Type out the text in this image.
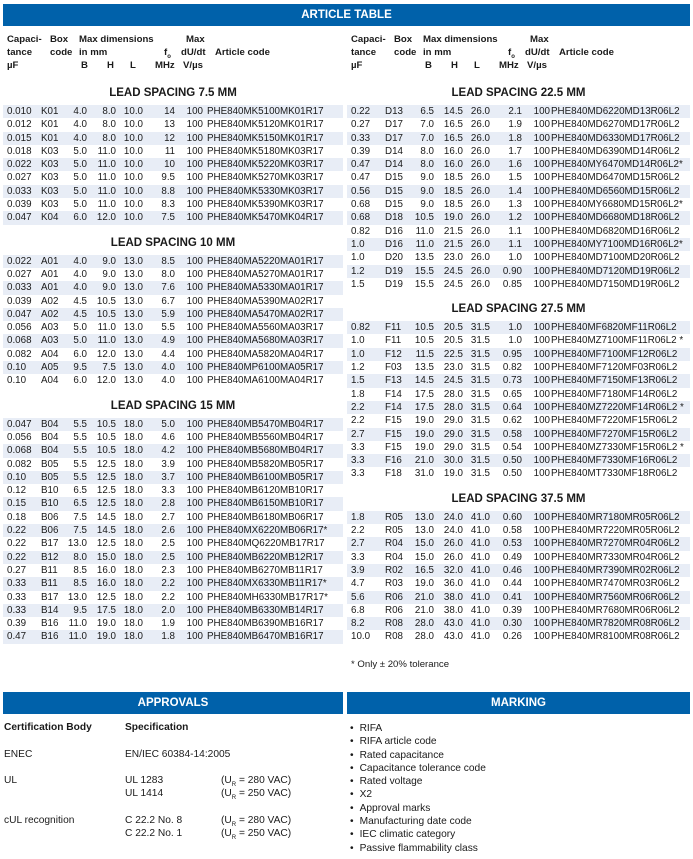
ARTICLE TABLE
Capaci-
tance
µF
Box
code
Max dimensions
in mm
B H L MHz
Max
dU/dt
V/µs
Article code
$f_o$
LEAD SPACING 7.5 MM
0.010 K01 4.0 8.0 10.0 14 100 PHE840MK5100MK01R17
0.012 K01 4.0 8.0 10.0 13 100 PHE840MK5120MK01R17
0.015 K01 4.0 8.0 10.0 12 100 PHE840MK5150MK01R17
0.018 K03 5.0 11.0 10.0 11 100 PHE840MK5180MK03R17
0.022 K03 5.0 11.0 10.0 10 100 PHE840MK5220MK03R17
0.027 K03 5.0 11.0 10.0 9.5 100 PHE840MK5270MK03R17
0.033 K03 5.0 11.0 10.0 8.8 100 PHE840MK5330MK03R17
0.039 K03 5.0 11.0 10.0 8.3 100 PHE840MK5390MK03R17
0.047 K04 6.0 12.0 10.0 7.5 100 PHE840MK5470MK04R17
LEAD SPACING 10 MM
0.022 A01 4.0 9.0 13.0 8.5 100 PHE840MA5220MA01R17
0.027 A01 4.0 9.0 13.0 8.0 100 PHE840MA5270MA01R17
0.033 A01 4.0 9.0 13.0 7.6 100 PHE840MA5330MA01R17
0.039 A02 4.5 10.5 13.0 6.7 100 PHE840MA5390MA02R17
0.047 A02 4.5 10.5 13.0 5.9 100 PHE840MA5470MA02R17
0.056 A03 5.0 11.0 13.0 5.5 100 PHE840MA5560MA03R17
0.068 A03 5.0 11.0 13.0 4.9 100 PHE840MA5680MA03R17
0.082 A04 6.0 12.0 13.0 4.4 100 PHE840MA5820MA04R17
0.10 A05 9.5 7.5 13.0 4.0 100 PHE840MP6100MA05R17
0.10 A04 6.0 12.0 13.0 4.0 100 PHE840MA6100MA04R17
LEAD SPACING 15 MM
0.047 B04 5.5 10.5 18.0 5.0 100 PHE840MB5470MB04R17
0.056 B04 5.5 10.5 18.0 4.6 100 PHE840MB5560MB04R17
0.068 B04 5.5 10.5 18.0 4.2 100 PHE840MB5680MB04R17
0.082 B05 5.5 12.5 18.0 3.9 100 PHE840MB5820MB05R17
0.10 B05 5.5 12.5 18.0 3.7 100 PHE840MB6100MB05R17
0.12 B10 6.5 12.5 18.0 3.3 100 PHE840MB6120MB10R17
0.15 B10 6.5 12.5 18.0 2.8 100 PHE840MB6150MB10R17
0.18 B06 7.5 14.5 18.0 2.7 100 PHE840MB6180MB06R17
0.22 B06 7.5 14.5 18.0 2.6 100 PHE840MX6220MB06R17*
0.22 B17 13.0 12.5 18.0 2.5 100 PHE840MQ6220MB17R17
0.22 B12 8.0 15.0 18.0 2.5 100 PHE840MB6220MB12R17
0.27 B11 8.5 16.0 18.0 2.3 100 PHE840MB6270MB11R17
0.33 B11 8.5 16.0 18.0 2.2 100 PHE840MX6330MB11R17*
0.33 B17 13.0 12.5 18.0 2.2 100 PHE840MH6330MB17R17*
0.33 B14 9.5 17.5 18.0 2.0 100 PHE840MB6330MB14R17
0.39 B16 11.0 19.0 18.0 1.9 100 PHE840MB6390MB16R17
0.47 B16 11.0 19.0 18.0 1.8 100 PHE840MB6470MB16R17
Capaci-
tance
µF
Box
code
Max dimensions
in mm
B H L MHz
Max
dU/dt
V/µs
Article code
$f_o$
LEAD SPACING 22.5 MM
0.22 D13 6.5 14.5 26.0 2.1 100 PHE840MD6220MD13R06L2
0.27 D17 7.0 16.5 26.0 1.9 100 PHE840MD6270MD17R06L2
0.33 D17 7.0 16.5 26.0 1.8 100 PHE840MD6330MD17R06L2
0.39 D14 8.0 16.0 26.0 1.7 100 PHE840MD6390MD14R06L2
0.47 D14 8.0 16.0 26.0 1.6 100 PHE840MY6470MD14R06L2*
0.47 D15 9.0 18.5 26.0 1.5 100 PHE840MD6470MD15R06L2
0.56 D15 9.0 18.5 26.0 1.4 100 PHE840MD6560MD15R06L2
0.68 D15 9.0 18.5 26.0 1.3 100 PHE840MY6680MD15R06L2*
0.68 D18 10.5 19.0 26.0 1.2 100 PHE840MD6680MD18R06L2
0.82 D16 11.0 21.5 26.0 1.1 100 PHE840MD6820MD16R06L2
1.0 D16 11.0 21.5 26.0 1.1 100 PHE840MY7100MD16R06L2*
1.0 D20 13.5 23.0 26.0 1.0 100 PHE840MD7100MD20R06L2
1.2 D19 15.5 24.5 26.0 0.90 100 PHE840MD7120MD19R06L2
1.5 D19 15.5 24.5 26.0 0.85 100 PHE840MD7150MD19R06L2
LEAD SPACING 27.5 MM
0.82 F11 10.5 20.5 31.5 1.0 100 PHE840MF6820MF11R06L2
1.0 F11 10.5 20.5 31.5 1.0 100 PHE840MZ7100MF11R06L2 *
1.0 F12 11.5 22.5 31.5 0.95 100 PHE840MF7100MF12R06L2
1.2 F03 13.5 23.0 31.5 0.82 100 PHE840MF7120MF03R06L2
1.5 F13 14.5 24.5 31.5 0.73 100 PHE840MF7150MF13R06L2
1.8 F14 17.5 28.0 31.5 0.65 100 PHE840MF7180MF14R06L2
2.2 F14 17.5 28.0 31.5 0.64 100 PHE840MZ7220MF14R06L2 *
2.2 F15 19.0 29.0 31.5 0.62 100 PHE840MF7220MF15R06L2
2.7 F15 19.0 29.0 31.5 0.58 100 PHE840MF7270MF15R06L2
3.3 F15 19.0 29.0 31.5 0.54 100 PHE840MZ7330MF15R06L2 *
3.3 F16 21.0 30.0 31.5 0.50 100 PHE840MF7330MF16R06L2
3.3 F18 31.0 19.0 31.5 0.50 100 PHE840MT7330MF18R06L2
LEAD SPACING 37.5 MM
1.8 R05 13.0 24.0 41.0 0.60 100 PHE840MR7180MR05R06L2
2.2 R05 13.0 24.0 41.0 0.58 100 PHE840MR7220MR05R06L2
2.7 R04 15.0 26.0 41.0 0.53 100 PHE840MR7270MR04R06L2
3.3 R04 15.0 26.0 41.0 0.49 100 PHE840MR7330MR04R06L2
3.9 R02 16.5 32.0 41.0 0.46 100 PHE840MR7390MR02R06L2
4.7 R03 19.0 36.0 41.0 0.44 100 PHE840MR7470MR03R06L2
5.6 R06 21.0 38.0 41.0 0.41 100 PHE840MR7560MR06R06L2
6.8 R06 21.0 38.0 41.0 0.39 100 PHE840MR7680MR06R06L2
8.2 R08 28.0 43.0 41.0 0.30 100 PHE840MR7820MR08R06L2
10.0 R08 28.0 43.0 41.0 0.26 100 PHE840MR8100MR08R06L2
* Only ± 20% tolerance
APPROVALS
Certification Body	Specification
ENEC	EN/IEC 60384-14:2005
UL	UL 1283	($U_R = 280$ VAC)
UL 1414	($U_R = 250$ VAC)
cUL recognition	C 22.2 No. 8	($U_R = 280$ VAC)
C 22.2 No. 1	($U_R = 250$ VAC)
MARKING
• RIFA
• RIFA article code
• Rated capacitance
• Capacitance tolerance code
• Rated voltage
• X2
• Approval marks
• Manufacturing date code
• IEC climatic category
• Passive flammability class
